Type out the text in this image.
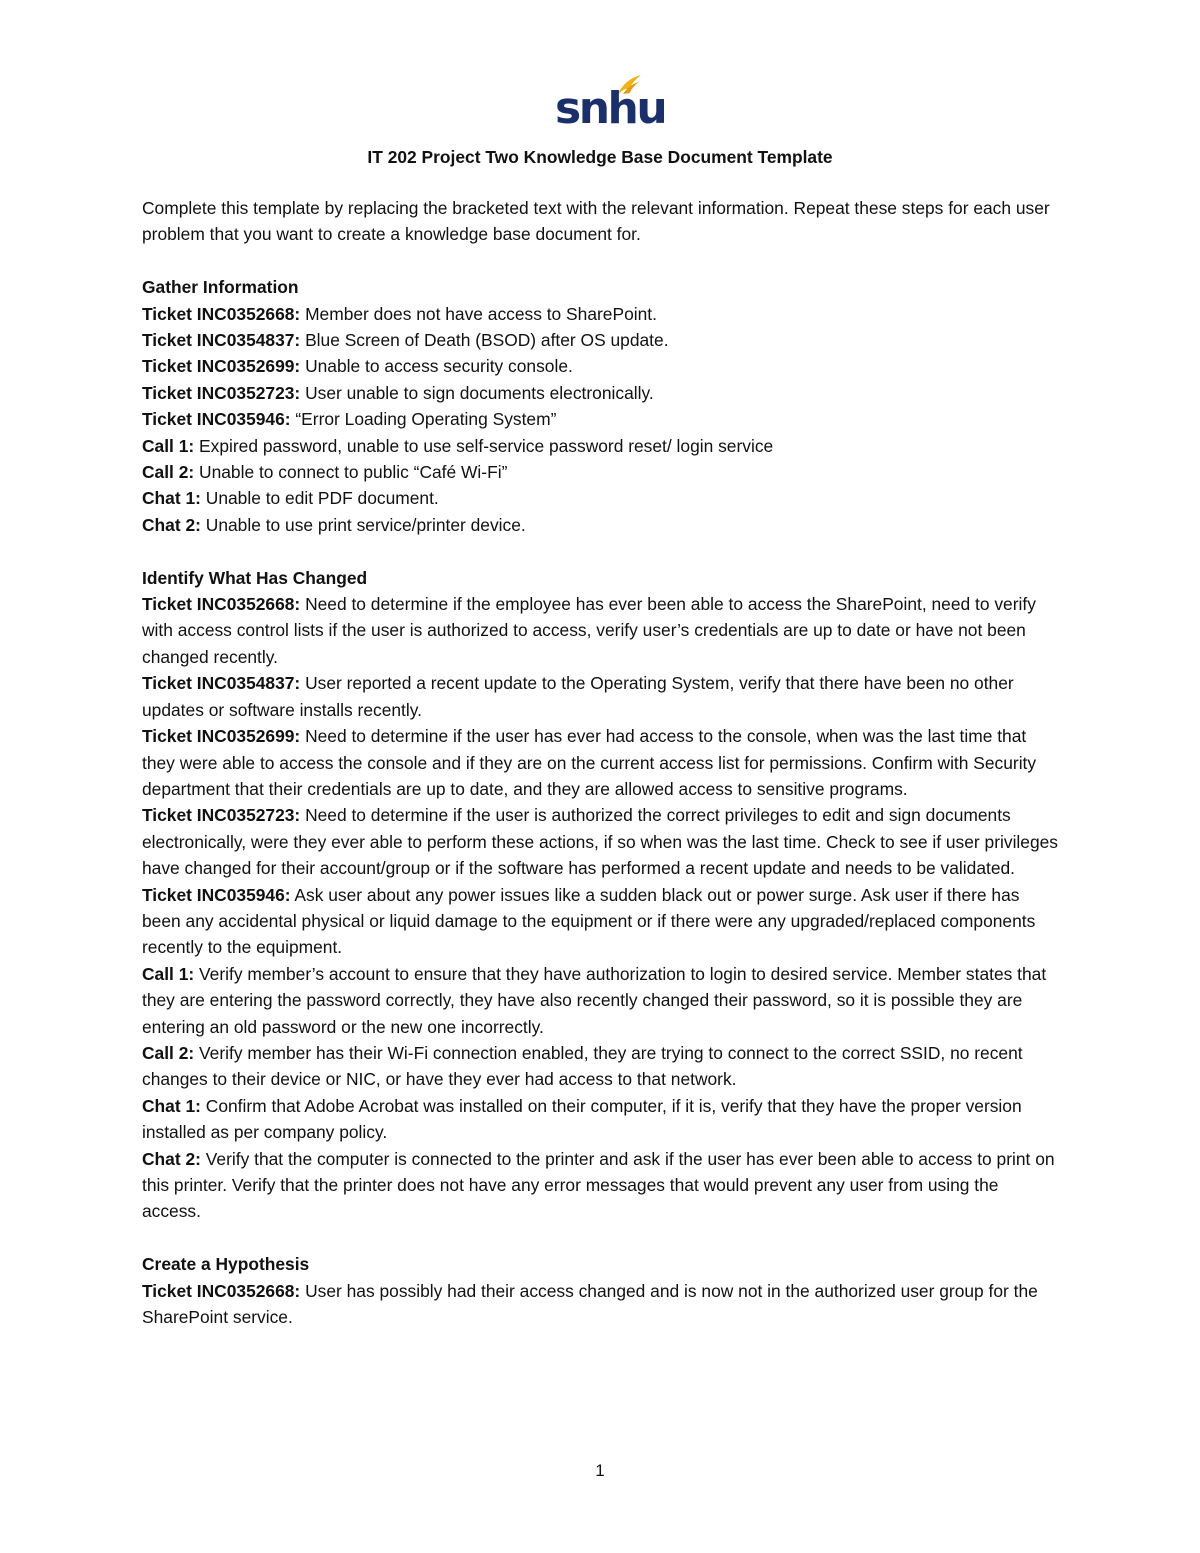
snhu
IT 202 Project Two Knowledge Base Document Template

Complete this template by replacing the bracketed text with the relevant information. Repeat these steps for each user problem that you want to create a knowledge base document for.

Gather Information

Ticket INC0352668: Member does not have access to SharePoint.

Ticket INC0354837: Blue Screen of Death (BSOD) after OS update.

Ticket INC0352699: Unable to access security console.

Ticket INC0352723: User unable to sign documents electronically.

Ticket INC035946: “Error Loading Operating System”

Call 1: Expired password, unable to use self-service password reset/ login service

Call 2: Unable to connect to public “Café Wi-Fi”

Chat 1: Unable to edit PDF document.

Chat 2: Unable to use print service/printer device.

Identify What Has Changed

Ticket INC0352668: Need to determine if the employee has ever been able to access the SharePoint, need to verify with access control lists if the user is authorized to access, verify user’s credentials are up to date or have not been changed recently.

Ticket INC0354837: User reported a recent update to the Operating System, verify that there have been no other updates or software installs recently.

Ticket INC0352699: Need to determine if the user has ever had access to the console, when was the last time that they were able to access the console and if they are on the current access list for permissions. Confirm with Security department that their credentials are up to date, and they are allowed access to sensitive programs.

Ticket INC0352723: Need to determine if the user is authorized the correct privileges to edit and sign documents electronically, were they ever able to perform these actions, if so when was the last time. Check to see if user privileges have changed for their account/group or if the software has performed a recent update and needs to be validated.

Ticket INC035946: Ask user about any power issues like a sudden black out or power surge. Ask user if there has been any accidental physical or liquid damage to the equipment or if there were any upgraded/replaced components recently to the equipment.

Call 1: Verify member’s account to ensure that they have authorization to login to desired service. Member states that they are entering the password correctly, they have also recently changed their password, so it is possible they are entering an old password or the new one incorrectly.

Call 2: Verify member has their Wi-Fi connection enabled, they are trying to connect to the correct SSID, no recent changes to their device or NIC, or have they ever had access to that network.

Chat 1: Confirm that Adobe Acrobat was installed on their computer, if it is, verify that they have the proper version installed as per company policy.

Chat 2: Verify that the computer is connected to the printer and ask if the user has ever been able to access to print on this printer. Verify that the printer does not have any error messages that would prevent any user from using the access.

Create a Hypothesis

Ticket INC0352668: User has possibly had their access changed and is now not in the authorized user group for the SharePoint service.

1
